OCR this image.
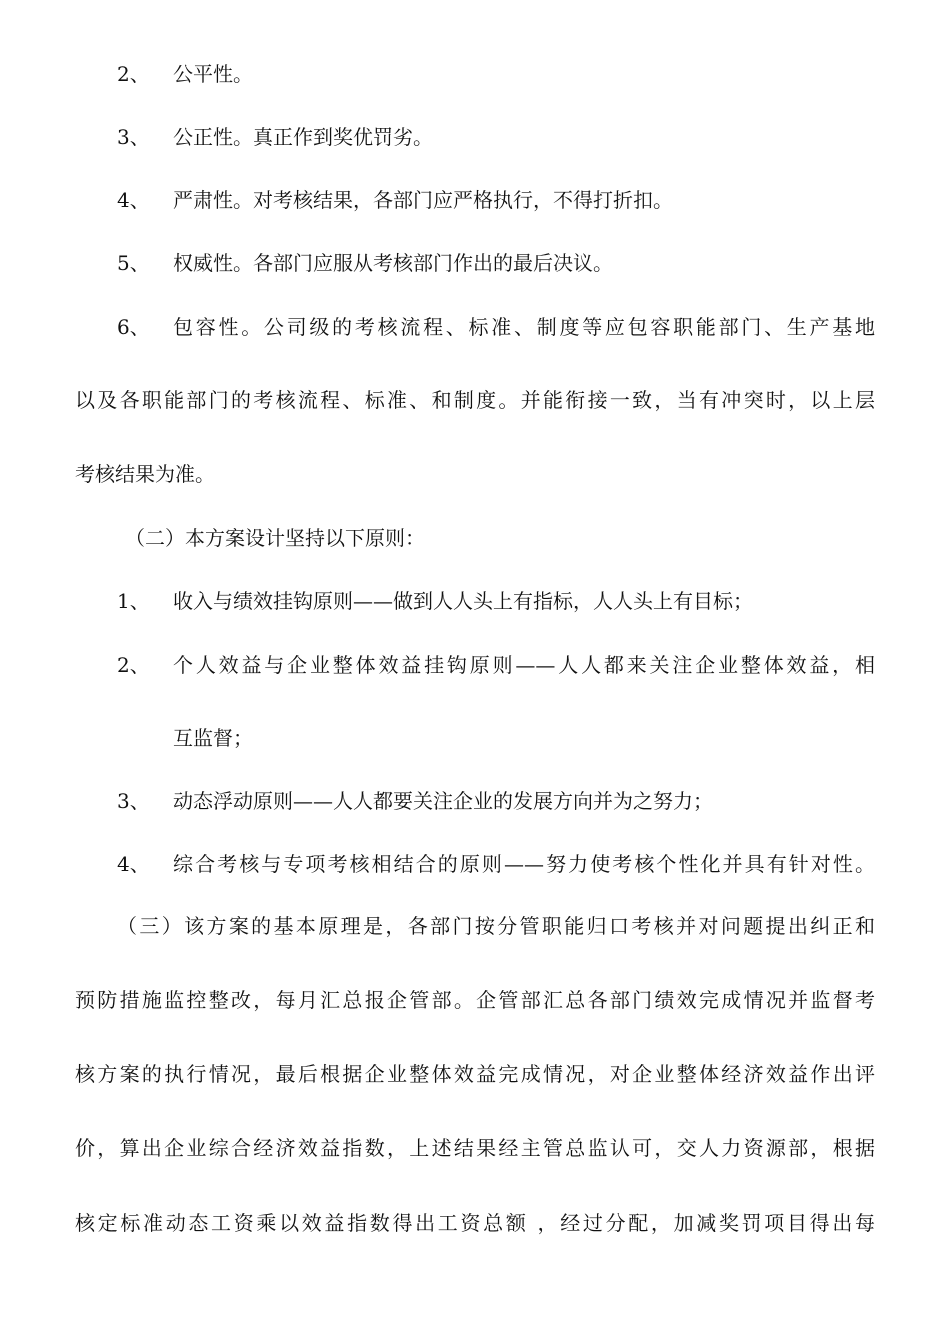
2、 公平性。
3、 公正性。真正作到奖优罚劣。
4、 严肃性。对考核结果，各部门应严格执行，不得打折扣。
5、 权威性。各部门应服从考核部门作出的最后决议。
6、 包容性。公司级的考核流程、标准、制度等应包容职能部门、生产基地
以及各职能部门的考核流程、标准、和制度。并能衔接一致，当有冲突时，以上层
考核结果为准。
（二）本方案设计坚持以下原则：
1、 收入与绩效挂钩原则——做到人人头上有指标，人人头上有目标；
2、 个人效益与企业整体效益挂钩原则——人人都来关注企业整体效益，相
互监督；
3、 动态浮动原则——人人都要关注企业的发展方向并为之努力；
4、 综合考核与专项考核相结合的原则——努力使考核个性化并具有针对性。
（三）该方案的基本原理是，各部门按分管职能归口考核并对问题提出纠正和
预防措施监控整改，每月汇总报企管部。企管部汇总各部门绩效完成情况并监督考
核方案的执行情况，最后根据企业整体效益完成情况，对企业整体经济效益作出评
价，算出企业综合经济效益指数，上述结果经主管总监认可，交人力资源部，根据
核定标准动态工资乘以效益指数得出工资总额 ，经过分配，加减奖罚项目得出每
